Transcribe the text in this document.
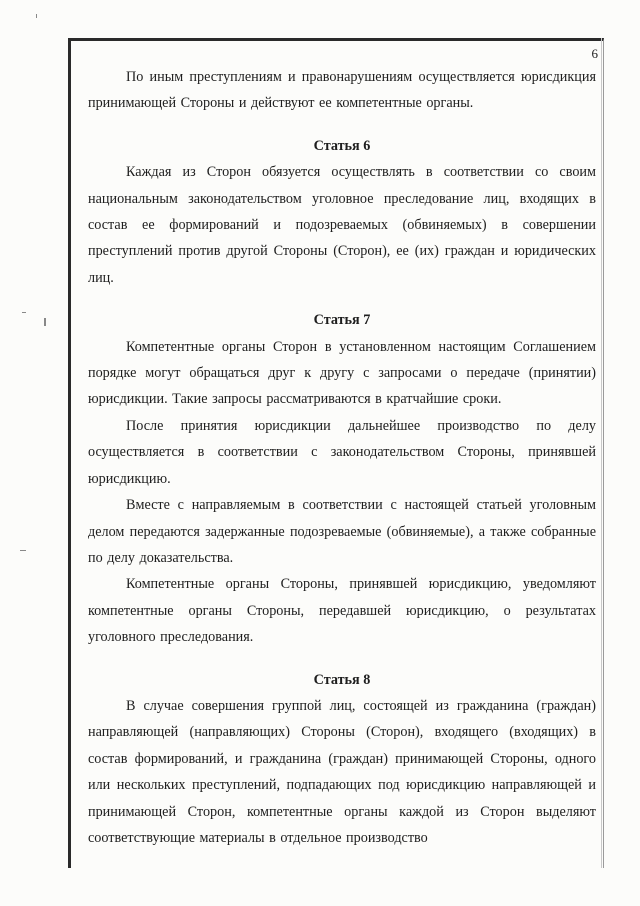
6

По иным преступлениям и правонарушениям осуществляется юрисдикция принимающей Стороны и действуют ее компетентные органы.

Статья 6

Каждая из Сторон обязуется осуществлять в соответствии со своим национальным законодательством уголовное преследование лиц, входящих в состав ее формирований и подозреваемых (обвиняемых) в совершении преступлений против другой Стороны (Сторон), ее (их) граждан и юридических лиц.

Статья 7

Компетентные органы Сторон в установленном настоящим Соглашением порядке могут обращаться друг к другу с запросами о передаче (принятии) юрисдикции. Такие запросы рассматриваются в кратчайшие сроки.

После принятия юрисдикции дальнейшее производство по делу осуществляется в соответствии с законодательством Стороны, принявшей юрисдикцию.

Вместе с направляемым в соответствии с настоящей статьей уголовным делом передаются задержанные подозреваемые (обвиняемые), а также собранные по делу доказательства.

Компетентные органы Стороны, принявшей юрисдикцию, уведомляют компетентные органы Стороны, передавшей юрисдикцию, о результатах уголовного преследования.

Статья 8

В случае совершения группой лиц, состоящей из гражданина (граждан) направляющей (направляющих) Стороны (Сторон), входящего (входящих) в состав формирований, и гражданина (граждан) принимающей Стороны, одного или нескольких преступлений, подпадающих под юрисдикцию направляющей и принимающей Сторон, компетентные органы каждой из Сторон выделяют соответствующие материалы в отдельное производство
